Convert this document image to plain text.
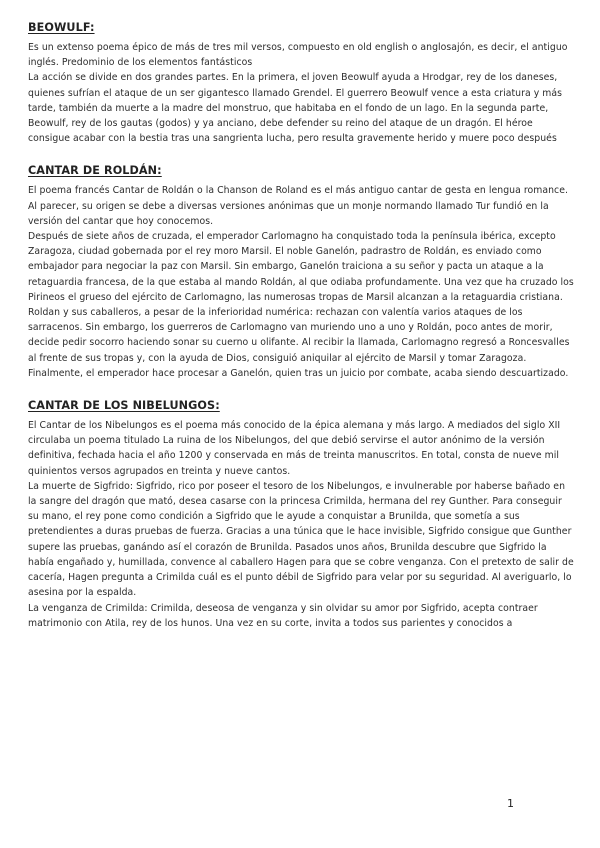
BEOWULF:

Es un extenso poema épico de más de tres mil versos, compuesto en old english o anglosajón, es decir, el antiguo inglés. Predominio de los elementos fantásticos

La acción se divide en dos grandes partes. En la primera, el joven Beowulf ayuda a Hrodgar, rey de los daneses, quienes sufrían el ataque de un ser gigantesco llamado Grendel. El guerrero Beowulf vence a esta criatura y más tarde, también da muerte a la madre del monstruo, que habitaba en el fondo de un lago. En la segunda parte, Beowulf, rey de los gautas (godos) y ya anciano, debe defender su reino del ataque de un dragón. El héroe consigue acabar con la bestia tras una sangrienta lucha, pero resulta gravemente herido y muere poco después

CANTAR DE ROLDÁN:

El poema francés Cantar de Roldán o la Chanson de Roland es el más antiguo cantar de gesta en lengua romance. Al parecer, su origen se debe a diversas versiones anónimas que un monje normando llamado Tur fundió en la versión del cantar que hoy conocemos.

Después de siete años de cruzada, el emperador Carlomagno ha conquistado toda la península ibérica, excepto Zaragoza, ciudad gobernada por el rey moro Marsil. El noble Ganelón, padrastro de Roldán, es enviado como embajador para negociar la paz con Marsil. Sin embargo, Ganelón traiciona a su señor y pacta un ataque a la retaguardia francesa, de la que estaba al mando Roldán, al que odiaba profundamente. Una vez que ha cruzado los Pirineos el grueso del ejército de Carlomagno, las numerosas tropas de Marsil alcanzan a la retaguardia cristiana. Roldan y sus caballeros, a pesar de la inferioridad numérica: rechazan con valentía varios ataques de los sarracenos. Sin embargo, los guerreros de Carlomagno van muriendo uno a uno y Roldán, poco antes de morir, decide pedir socorro haciendo sonar su cuerno u olifante. Al recibir la llamada, Carlomagno regresó a Roncesvalles al frente de sus tropas y, con la ayuda de Dios, consiguió aniquilar al ejército de Marsil y tomar Zaragoza. Finalmente, el emperador hace procesar a Ganelón, quien tras un juicio por combate, acaba siendo descuartizado.

CANTAR DE LOS NIBELUNGOS:

El Cantar de los Nibelungos es el poema más conocido de la épica alemana y más largo. A mediados del siglo XII circulaba un poema titulado La ruina de los Nibelungos, del que debió servirse el autor anónimo de la versión definitiva, fechada hacia el año 1200 y conservada en más de treinta manuscritos. En total, consta de nueve mil quinientos versos agrupados en treinta y nueve cantos.

La muerte de Sigfrido: Sigfrido, rico por poseer el tesoro de los Nibelungos, e invulnerable por haberse bañado en la sangre del dragón que mató, desea casarse con la princesa Crimilda, hermana del rey Gunther. Para conseguir su mano, el rey pone como condición a Sigfrido que le ayude a conquistar a Brunilda, que sometía a sus pretendientes a duras pruebas de fuerza. Gracias a una túnica que le hace invisible, Sigfrido consigue que Gunther supere las pruebas, ganándo así el corazón de Brunilda. Pasados unos años, Brunilda descubre que Sigfrido la había engañado y, humillada, convence al caballero Hagen para que se cobre venganza. Con el pretexto de salir de cacería, Hagen pregunta a Crimilda cuál es el punto débil de Sigfrido para velar por su seguridad. Al averiguarlo, lo asesina por la espalda.

La venganza de Crimilda: Crimilda, deseosa de venganza y sin olvidar su amor por Sigfrido, acepta contraer matrimonio con Atila, rey de los hunos. Una vez en su corte, invita a todos sus parientes y conocidos a

1
